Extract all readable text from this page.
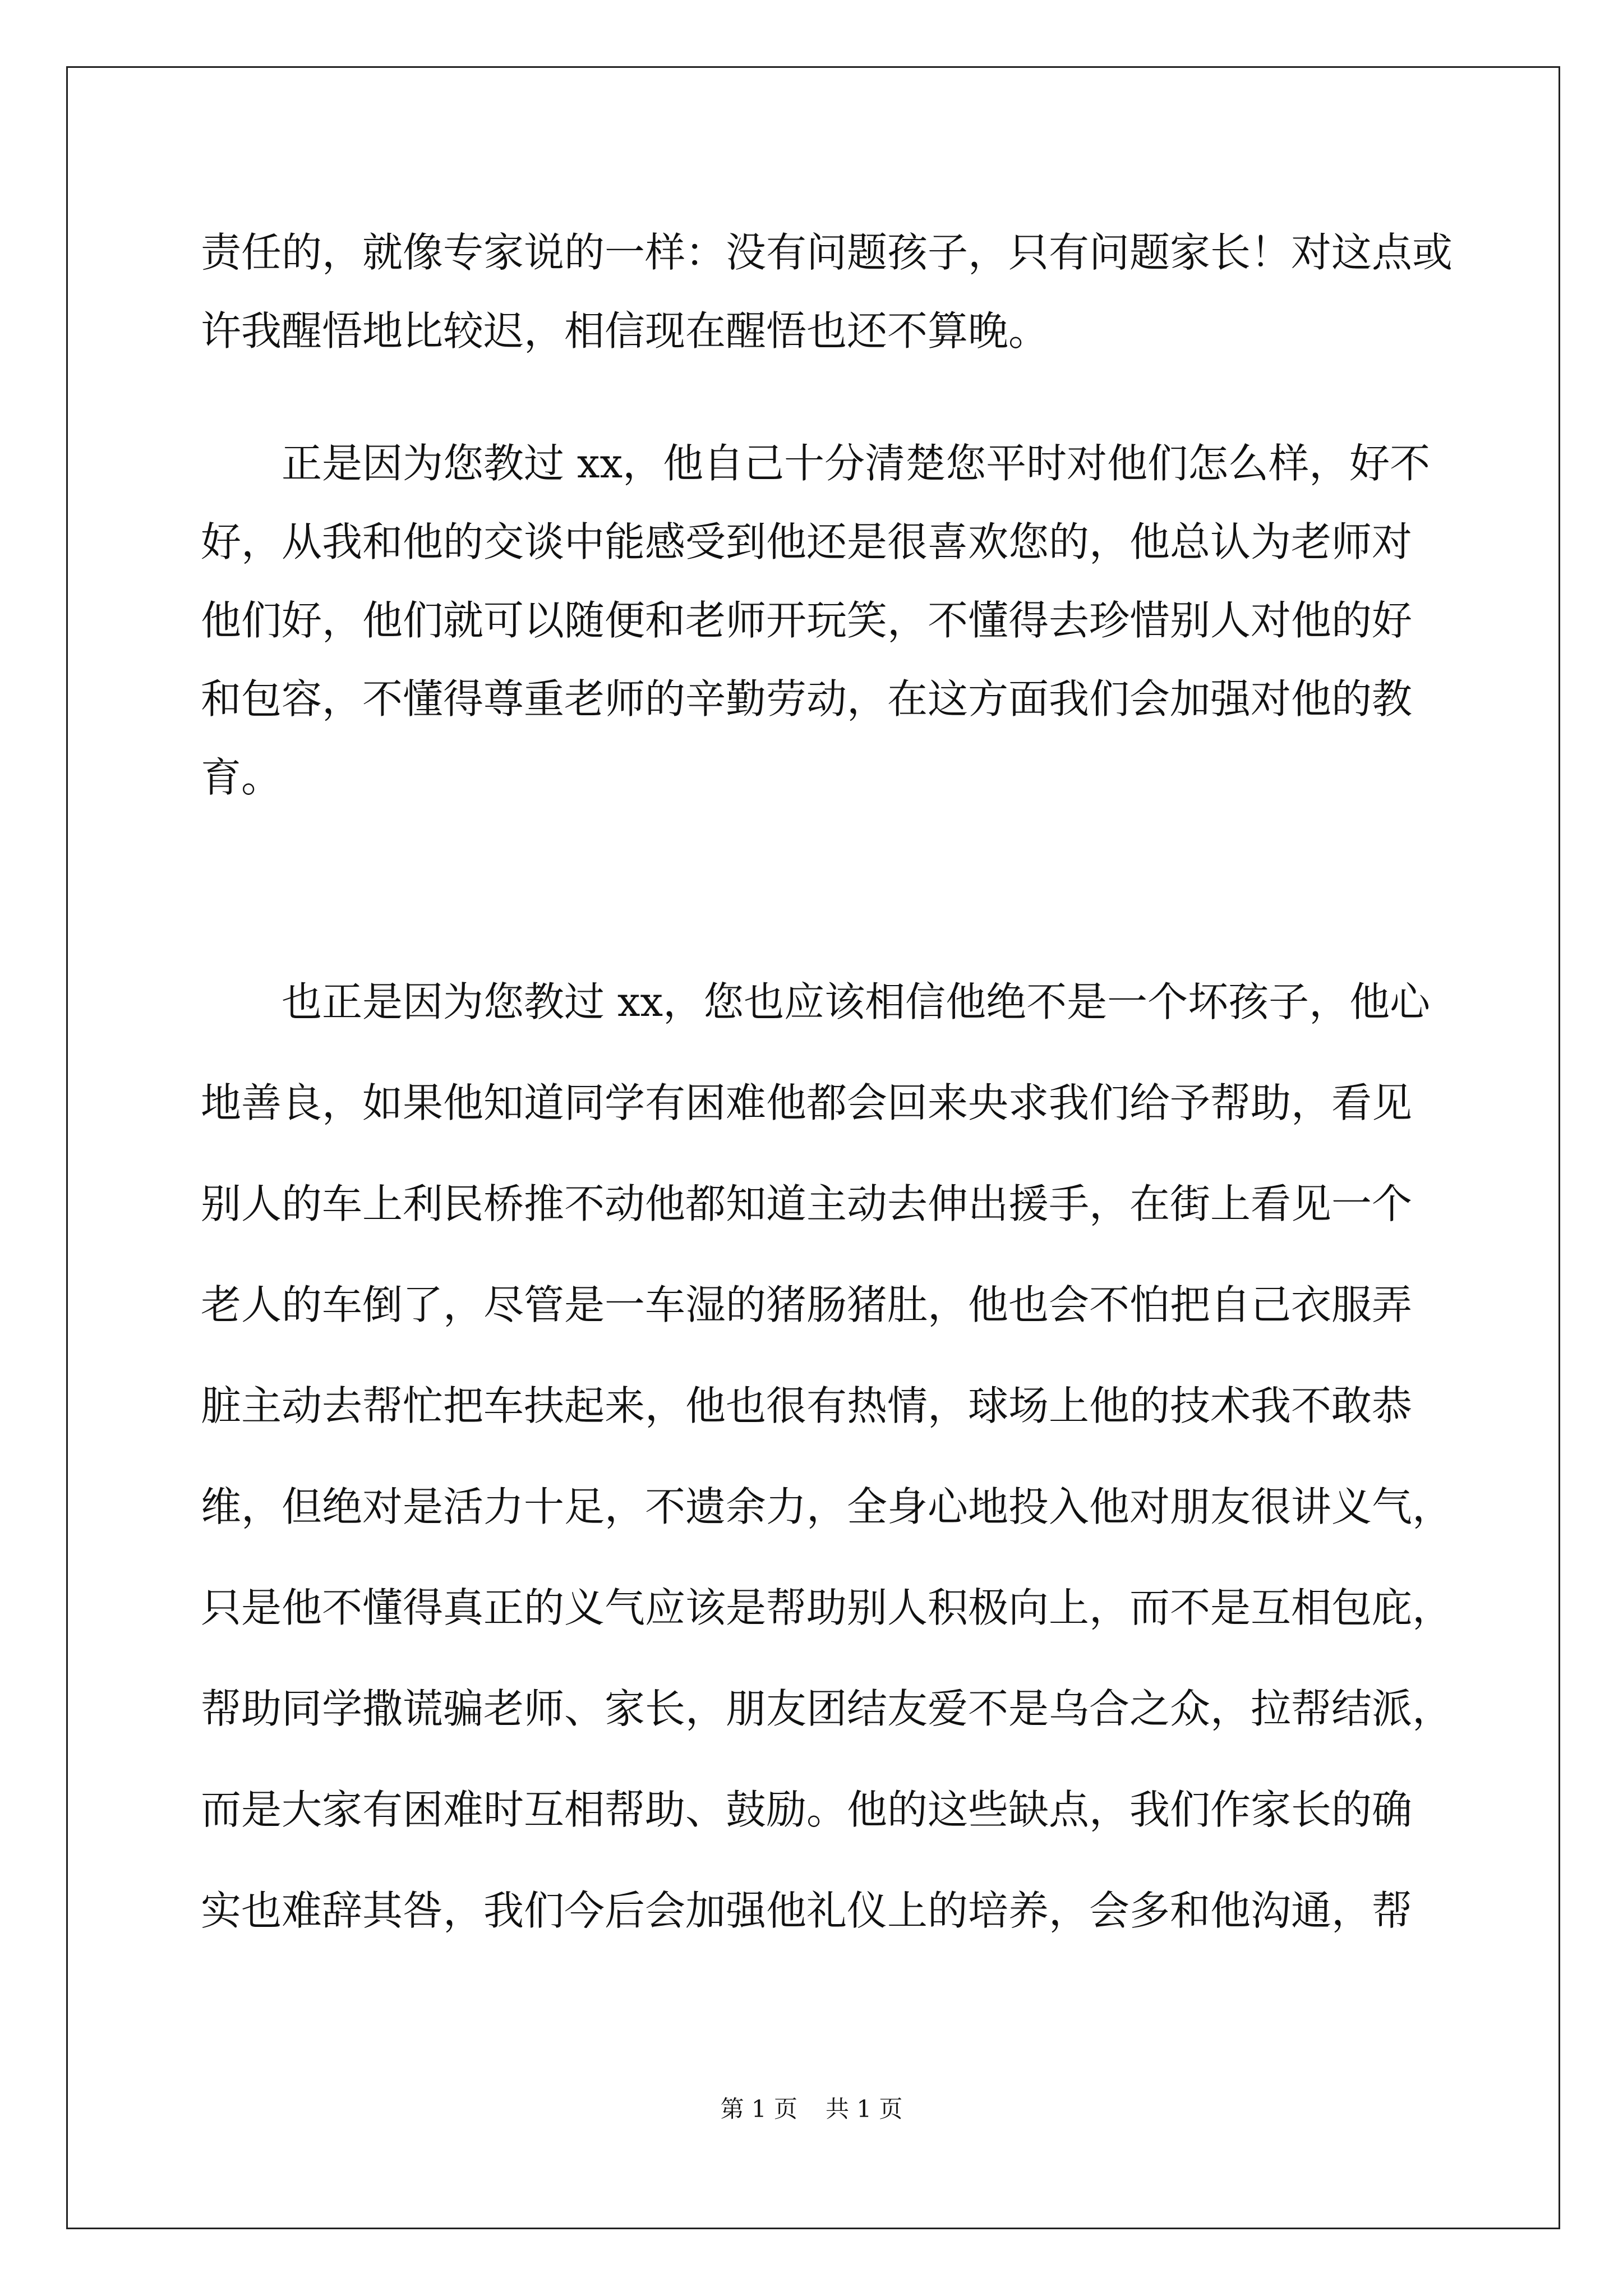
责任的，就像专家说的一样：没有问题孩子，只有问题家长！对这点或
许我醒悟地比较迟，相信现在醒悟也还不算晚。
正是因为您教过 xx，他自己十分清楚您平时对他们怎么样，好不
好，从我和他的交谈中能感受到他还是很喜欢您的，他总认为老师对
他们好，他们就可以随便和老师开玩笑，不懂得去珍惜别人对他的好
和包容，不懂得尊重老师的辛勤劳动，在这方面我们会加强对他的教
育。
也正是因为您教过 xx，您也应该相信他绝不是一个坏孩子，他心
地善良，如果他知道同学有困难他都会回来央求我们给予帮助，看见
别人的车上利民桥推不动他都知道主动去伸出援手，在街上看见一个
老人的车倒了，尽管是一车湿的猪肠猪肚，他也会不怕把自己衣服弄
脏主动去帮忙把车扶起来，他也很有热情，球场上他的技术我不敢恭
维，但绝对是活力十足，不遗余力，全身心地投入他对朋友很讲义气，
只是他不懂得真正的义气应该是帮助别人积极向上，而不是互相包庇，
帮助同学撒谎骗老师、家长，朋友团结友爱不是乌合之众，拉帮结派，
而是大家有困难时互相帮助、鼓励。他的这些缺点，我们作家长的确
实也难辞其咎，我们今后会加强他礼仪上的培养，会多和他沟通，帮
第 1 页 共 1 页
